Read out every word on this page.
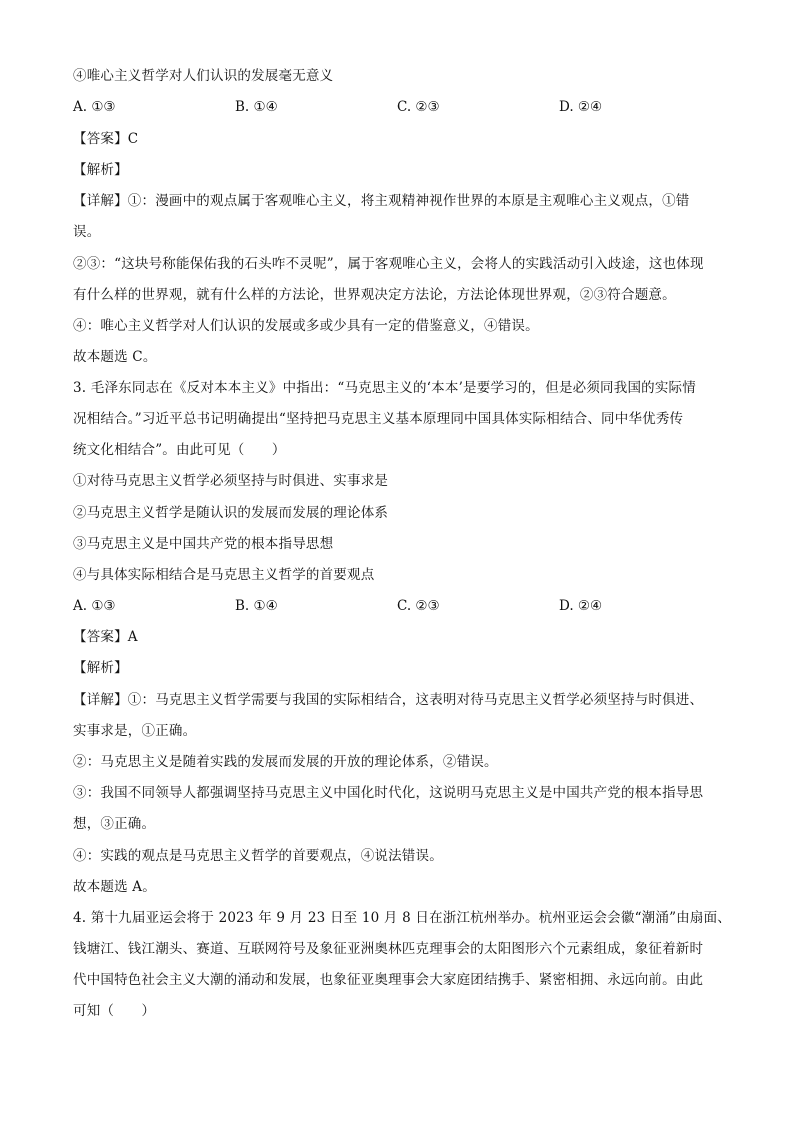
④唯心主义哲学对人们认识的发展毫无意义
A. ①③	B. ①④	C. ②③	D. ②④
【答案】C
【解析】
【详解】①：漫画中的观点属于客观唯心主义，将主观精神视作世界的本原是主观唯心主义观点，①错
误。
②③：“这块号称能保佑我的石头咋不灵呢”，属于客观唯心主义，会将人的实践活动引入歧途，这也体现
有什么样的世界观，就有什么样的方法论，世界观决定方法论，方法论体现世界观，②③符合题意。
④：唯心主义哲学对人们认识的发展或多或少具有一定的借鉴意义，④错误。
故本题选 C。
3. 毛泽东同志在《反对本本主义》中指出：“马克思主义的‘本本’是要学习的，但是必须同我国的实际情
况相结合。”习近平总书记明确提出“坚持把马克思主义基本原理同中国具体实际相结合、同中华优秀传
统文化相结合”。由此可见（　　）
①对待马克思主义哲学必须坚持与时俱进、实事求是
②马克思主义哲学是随认识的发展而发展的理论体系
③马克思主义是中国共产党的根本指导思想
④与具体实际相结合是马克思主义哲学的首要观点
A. ①③	B. ①④	C. ②③	D. ②④
【答案】A
【解析】
【详解】①：马克思主义哲学需要与我国的实际相结合，这表明对待马克思主义哲学必须坚持与时俱进、
实事求是，①正确。
②：马克思主义是随着实践的发展而发展的开放的理论体系，②错误。
③：我国不同领导人都强调坚持马克思主义中国化时代化，这说明马克思主义是中国共产党的根本指导思
想，③正确。
④：实践的观点是马克思主义哲学的首要观点，④说法错误。
故本题选 A。
4. 第十九届亚运会将于 2023 年 9 月 23 日至 10 月 8 日在浙江杭州举办。杭州亚运会会徽“潮涌”由扇面、
钱塘江、钱江潮头、赛道、互联网符号及象征亚洲奥林匹克理事会的太阳图形六个元素组成，象征着新时
代中国特色社会主义大潮的涌动和发展，也象征亚奥理事会大家庭团结携手、紧密相拥、永远向前。由此
可知（　　）
